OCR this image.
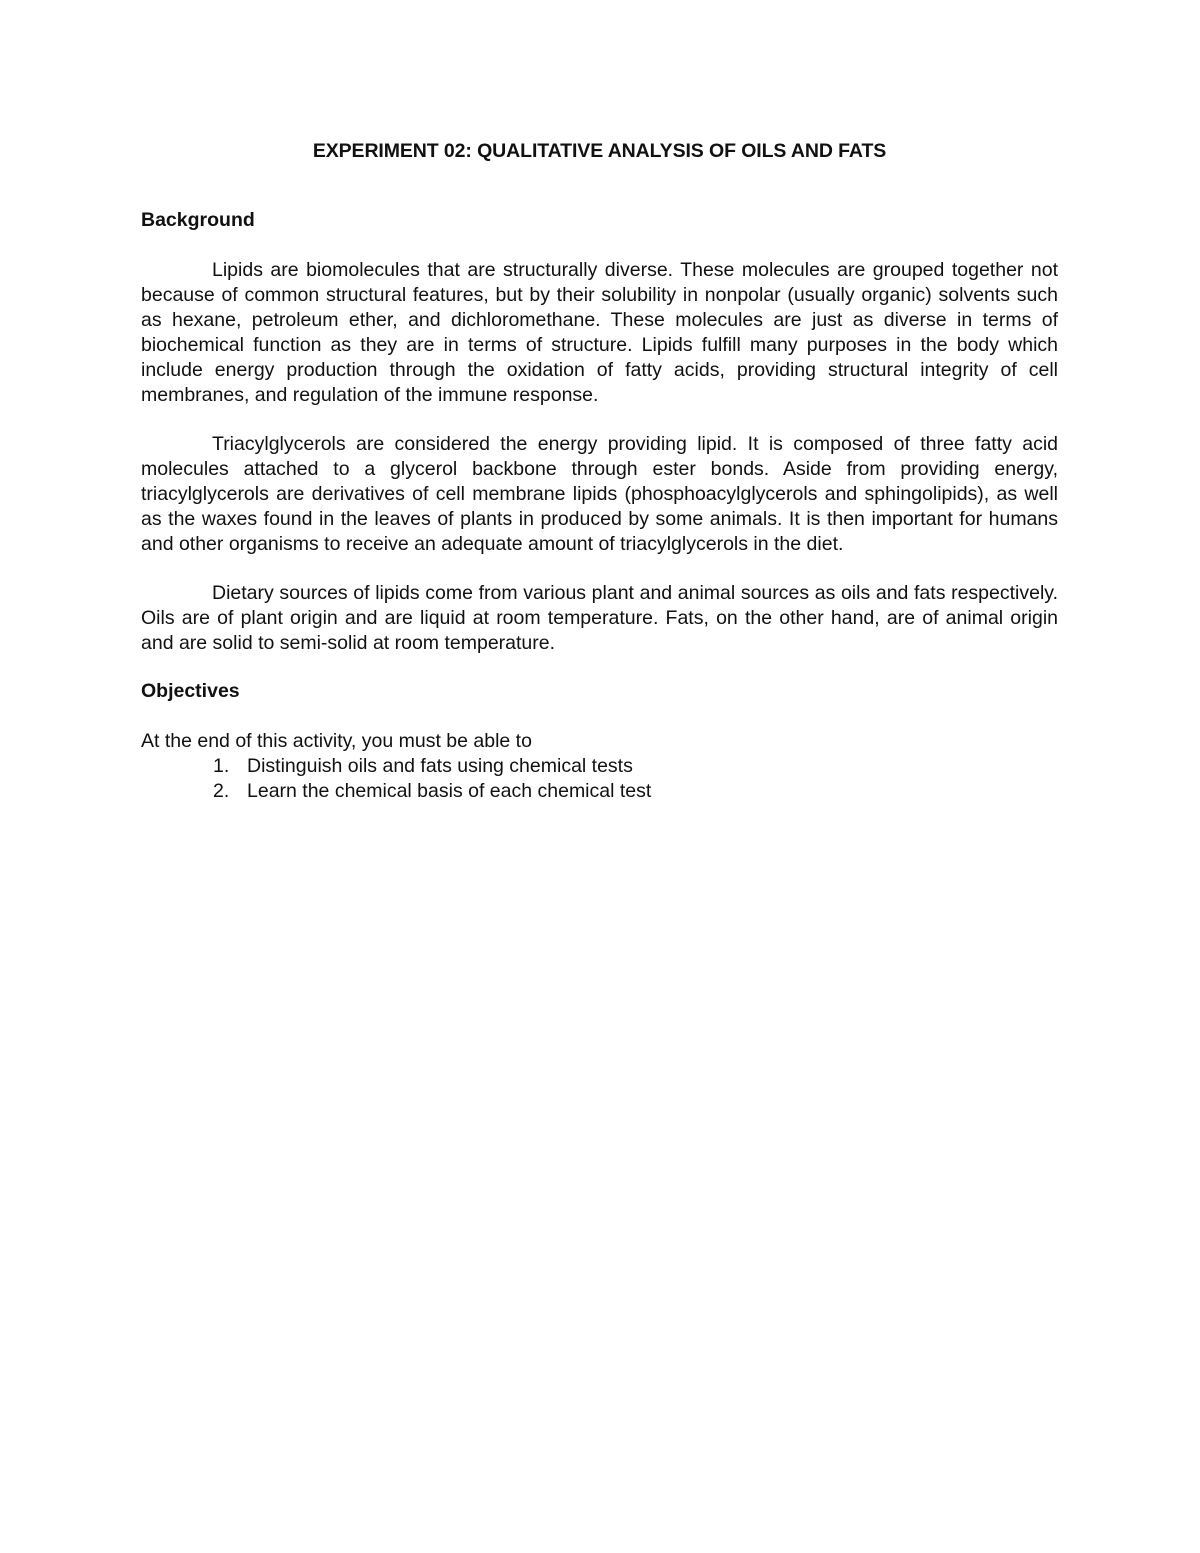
EXPERIMENT 02: QUALITATIVE ANALYSIS OF OILS AND FATS
Background

Lipids are biomolecules that are structurally diverse. These molecules are grouped together not because of common structural features, but by their solubility in nonpolar (usually organic) solvents such as hexane, petroleum ether, and dichloromethane. These molecules are just as diverse in terms of biochemical function as they are in terms of structure. Lipids fulfill many purposes in the body which include energy production through the oxidation of fatty acids, providing structural integrity of cell membranes, and regulation of the immune response.

Triacylglycerols are considered the energy providing lipid. It is composed of three fatty acid molecules attached to a glycerol backbone through ester bonds. Aside from providing energy, triacylglycerols are derivatives of cell membrane lipids (phosphoacylglycerols and sphingolipids), as well as the waxes found in the leaves of plants in produced by some animals. It is then important for humans and other organisms to receive an adequate amount of triacylglycerols in the diet.

Dietary sources of lipids come from various plant and animal sources as oils and fats respectively. Oils are of plant origin and are liquid at room temperature. Fats, on the other hand, are of animal origin and are solid to semi-solid at room temperature.

Objectives

At the end of this activity, you must be able to

1. Distinguish oils and fats using chemical tests
2. Learn the chemical basis of each chemical test
